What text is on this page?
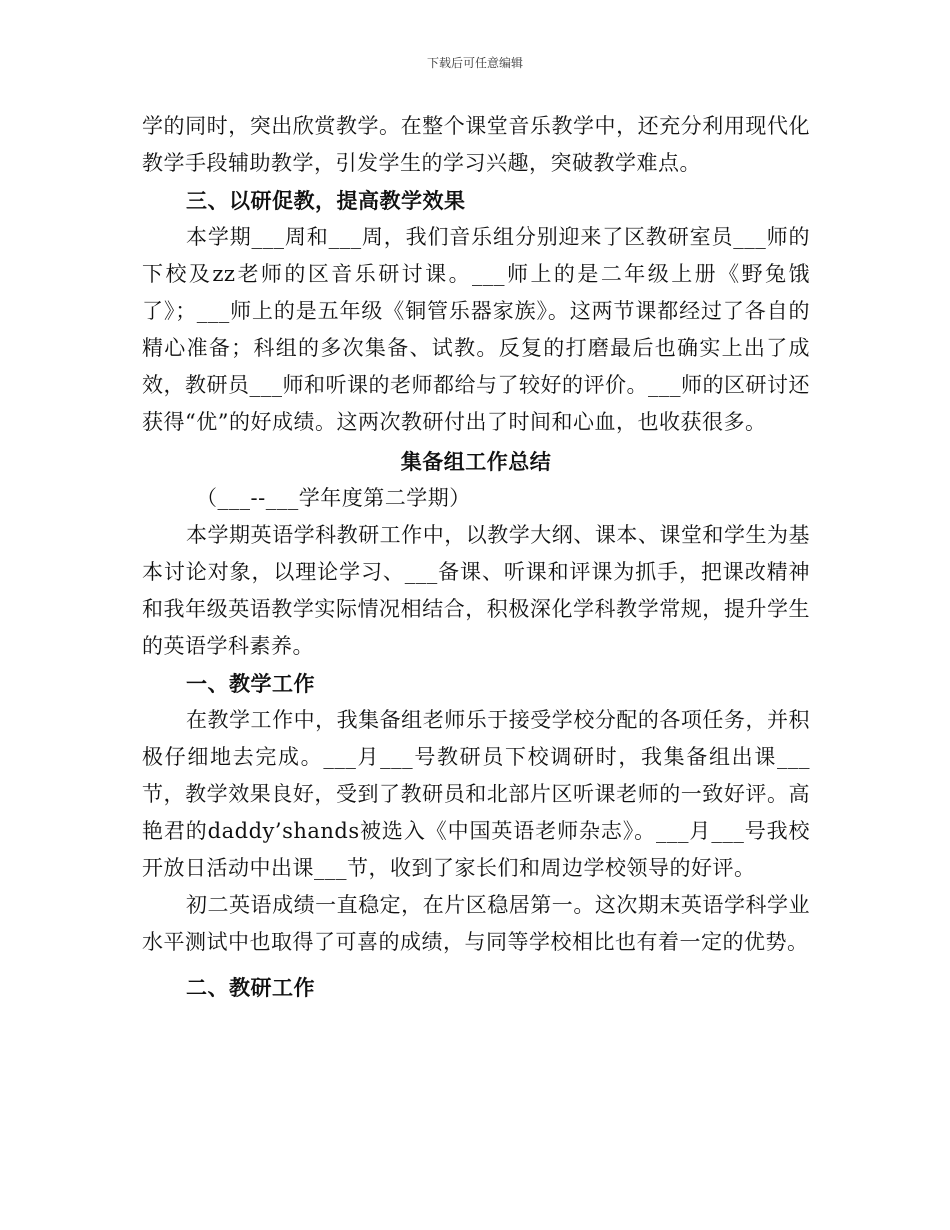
下载后可任意编辑

学的同时，突出欣赏教学。在整个课堂音乐教学中，还充分利用现代化教学手段辅助教学，引发学生的学习兴趣，突破教学难点。

三、以研促教，提高教学效果

本学期___周和___周，我们音乐组分别迎来了区教研室员___师的下校及zz老师的区音乐研讨课。___师上的是二年级上册《野兔饿了》；___师上的是五年级《铜管乐器家族》。这两节课都经过了各自的精心准备；科组的多次集备、试教。反复的打磨最后也确实上出了成效，教研员___师和听课的老师都给与了较好的评价。___师的区研讨还获得“优”的好成绩。这两次教研付出了时间和心血，也收获很多。

集备组工作总结

（___--___学年度第二学期）

本学期英语学科教研工作中，以教学大纲、课本、课堂和学生为基本讨论对象，以理论学习、___备课、听课和评课为抓手，把课改精神和我年级英语教学实际情况相结合，积极深化学科教学常规，提升学生的英语学科素养。

一、教学工作

在教学工作中，我集备组老师乐于接受学校分配的各项任务，并积极仔细地去完成。___月___号教研员下校调研时，我集备组出课___节，教学效果良好，受到了教研员和北部片区听课老师的一致好评。高艳君的daddy’shands被选入《中国英语老师杂志》。___月___号我校开放日活动中出课___节，收到了家长们和周边学校领导的好评。

初二英语成绩一直稳定，在片区稳居第一。这次期末英语学科学业水平测试中也取得了可喜的成绩，与同等学校相比也有着一定的优势。

二、教研工作
